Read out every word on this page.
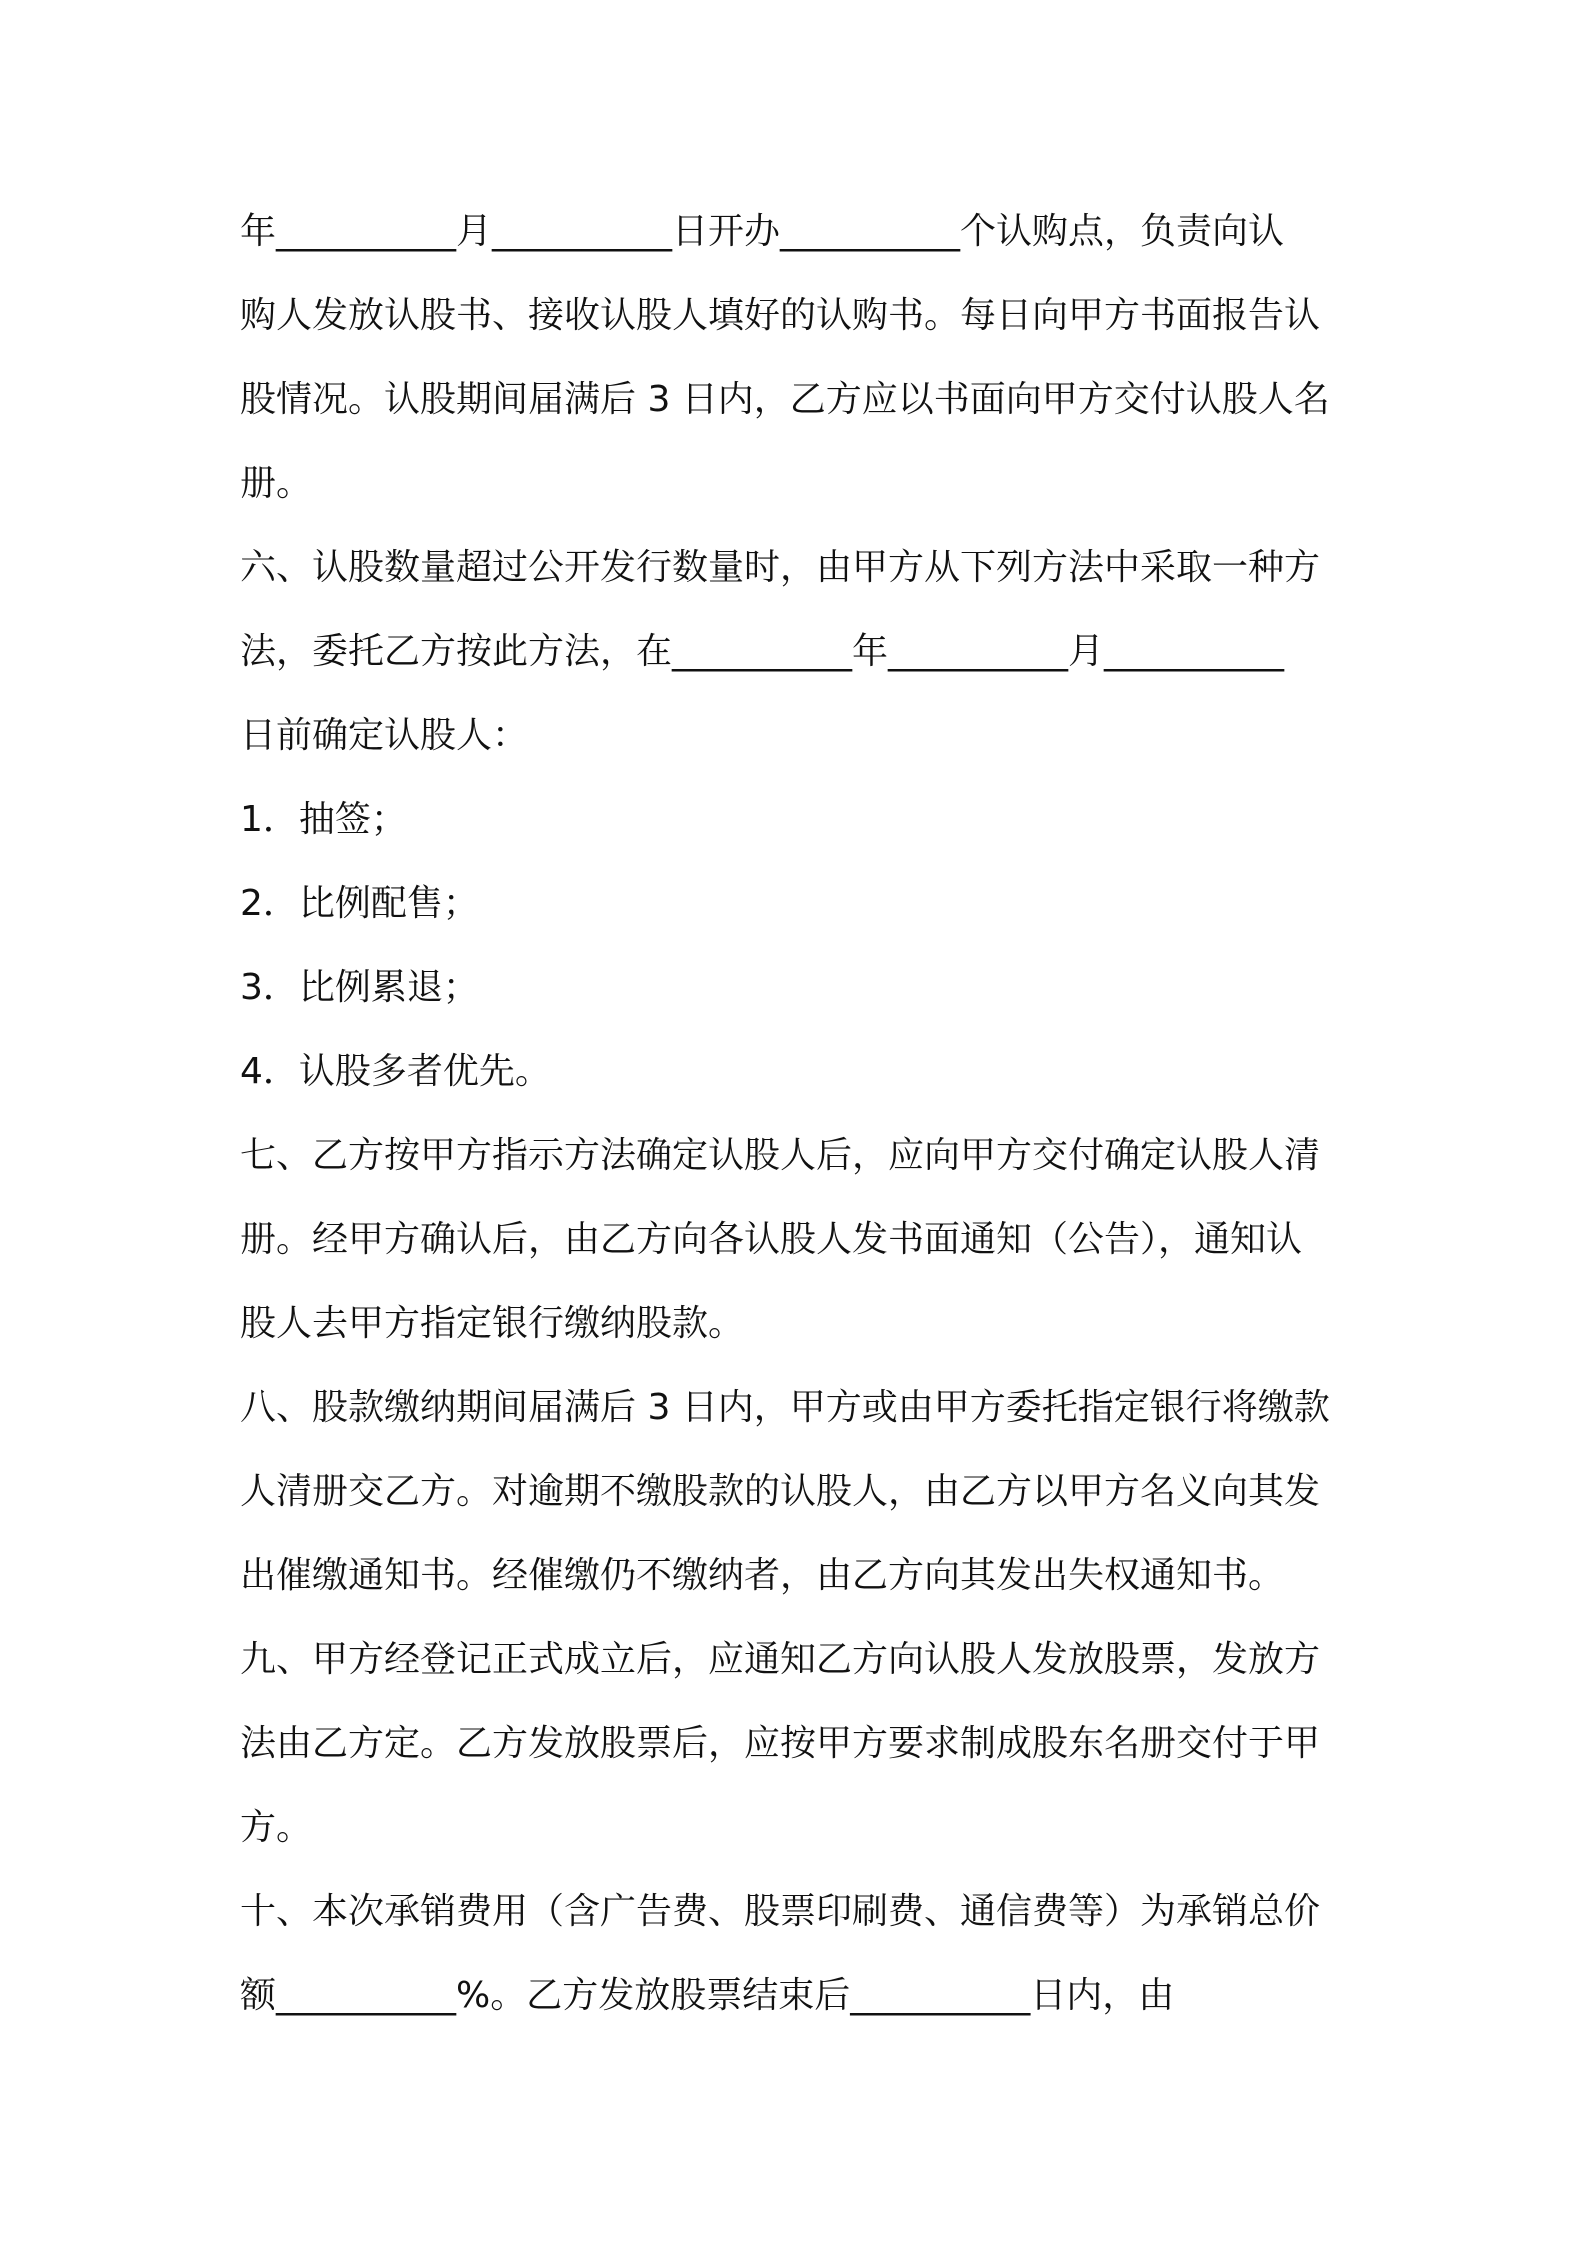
年__________月__________日开办__________个认购点，负责向认
购人发放认股书、接收认股人填好的认购书。每日向甲方书面报告认
股情况。认股期间届满后 3 日内，乙方应以书面向甲方交付认股人名
册。
六、认股数量超过公开发行数量时，由甲方从下列方法中采取一种方
法，委托乙方按此方法，在__________年__________月__________
日前确定认股人：
1．抽签；
2．比例配售；
3．比例累退；
4．认股多者优先。
七、乙方按甲方指示方法确定认股人后，应向甲方交付确定认股人清
册。经甲方确认后，由乙方向各认股人发书面通知（公告），通知认
股人去甲方指定银行缴纳股款。
八、股款缴纳期间届满后 3 日内，甲方或由甲方委托指定银行将缴款
人清册交乙方。对逾期不缴股款的认股人，由乙方以甲方名义向其发
出催缴通知书。经催缴仍不缴纳者，由乙方向其发出失权通知书。
九、甲方经登记正式成立后，应通知乙方向认股人发放股票，发放方
法由乙方定。乙方发放股票后，应按甲方要求制成股东名册交付于甲
方。
十、本次承销费用（含广告费、股票印刷费、通信费等）为承销总价
额__________%。乙方发放股票结束后__________日内，由
